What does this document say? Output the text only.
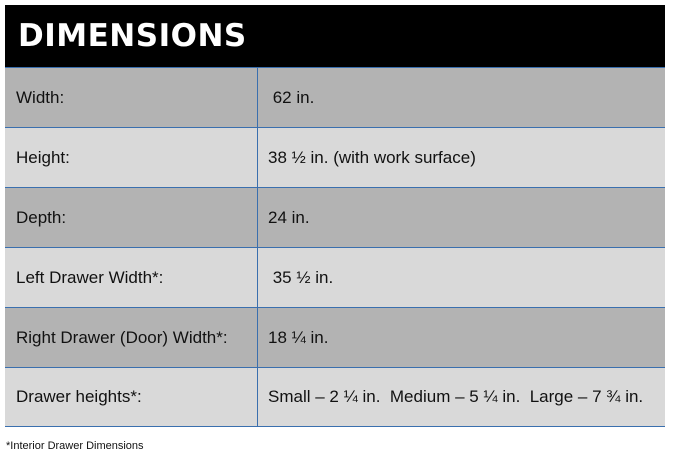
DIMENSIONS
Width:	62 in.
Height:	38 ½ in. (with work surface)
Depth:	24 in.
Left Drawer Width*:	35 ½ in.
Right Drawer (Door) Width*:	18 ¼ in.
Drawer heights*:	Small – 2 ¼ in.  Medium – 5 ¼ in.  Large – 7 ¾ in.
*Interior Drawer Dimensions
